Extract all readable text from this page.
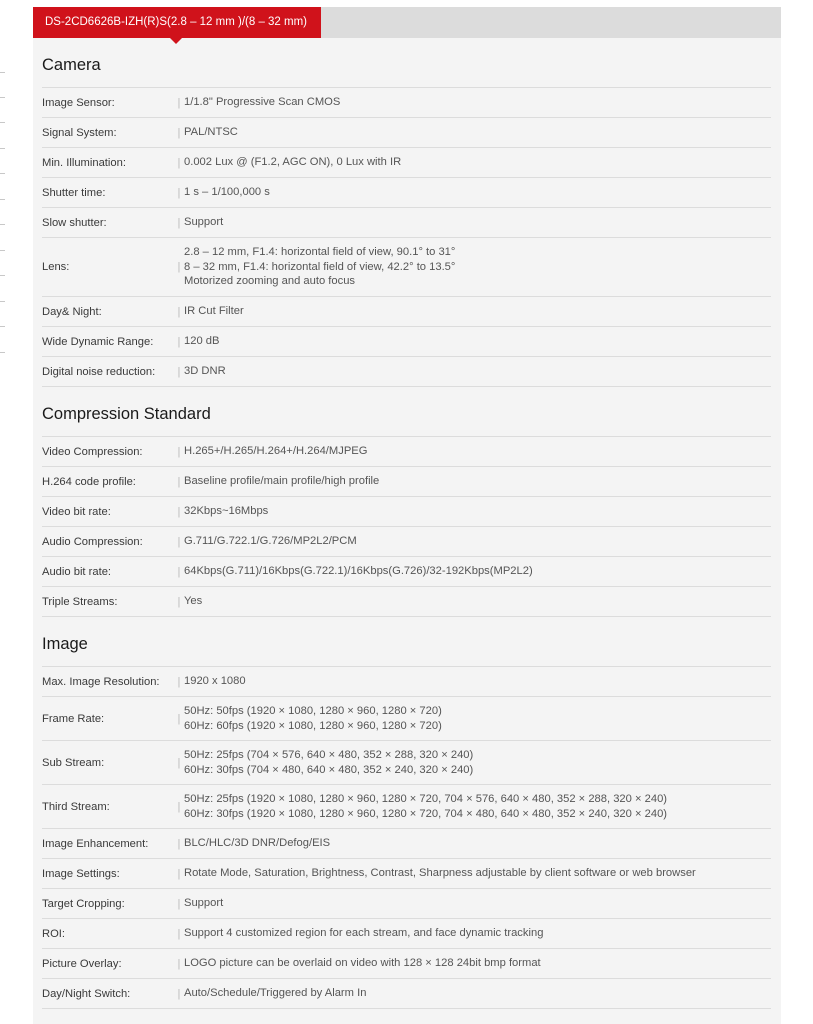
DS-2CD6626B-IZH(R)S(2.8 – 12 mm )/(8 – 32 mm)
Camera
Image Sensor:	| 1/1.8" Progressive Scan CMOS
Signal System:	| PAL/NTSC
Min. Illumination:	| 0.002 Lux @ (F1.2, AGC ON), 0 Lux with IR
Shutter time:	| 1 s – 1/100,000 s
Slow shutter:	| Support
Lens:	|
2.8 – 12 mm, F1.4: horizontal field of view, 90.1° to 31°
8 – 32 mm, F1.4: horizontal field of view, 42.2° to 13.5°
Motorized zooming and auto focus
Day& Night:	| IR Cut Filter
Wide Dynamic Range:	| 120 dB
Digital noise reduction:	| 3D DNR
Compression Standard
Video Compression:	| H.265+/H.265/H.264+/H.264/MJPEG
H.264 code profile:	| Baseline profile/main profile/high profile
Video bit rate:	| 32Kbps~16Mbps
Audio Compression:	| G.711/G.722.1/G.726/MP2L2/PCM
Audio bit rate:	| 64Kbps(G.711)/16Kbps(G.722.1)/16Kbps(G.726)/32-192Kbps(MP2L2)
Triple Streams:	| Yes
Image
Max. Image Resolution:	| 1920 x 1080
Frame Rate:	|
50Hz: 50fps (1920 × 1080, 1280 × 960, 1280 × 720)
60Hz: 60fps (1920 × 1080, 1280 × 960, 1280 × 720)
Sub Stream:	|
50Hz: 25fps (704 × 576, 640 × 480, 352 × 288, 320 × 240)
60Hz: 30fps (704 × 480, 640 × 480, 352 × 240, 320 × 240)
Third Stream:	|
50Hz: 25fps (1920 × 1080, 1280 × 960, 1280 × 720, 704 × 576, 640 × 480, 352 × 288, 320 × 240)
60Hz: 30fps (1920 × 1080, 1280 × 960, 1280 × 720, 704 × 480, 640 × 480, 352 × 240, 320 × 240)
Image Enhancement:	| BLC/HLC/3D DNR/Defog/EIS
Image Settings:	| Rotate Mode, Saturation, Brightness, Contrast, Sharpness adjustable by client software or web browser
Target Cropping:	| Support
ROI:	| Support 4 customized region for each stream, and face dynamic tracking
Picture Overlay:	| LOGO picture can be overlaid on video with 128 × 128 24bit bmp format
Day/Night Switch:	| Auto/Schedule/Triggered by Alarm In
